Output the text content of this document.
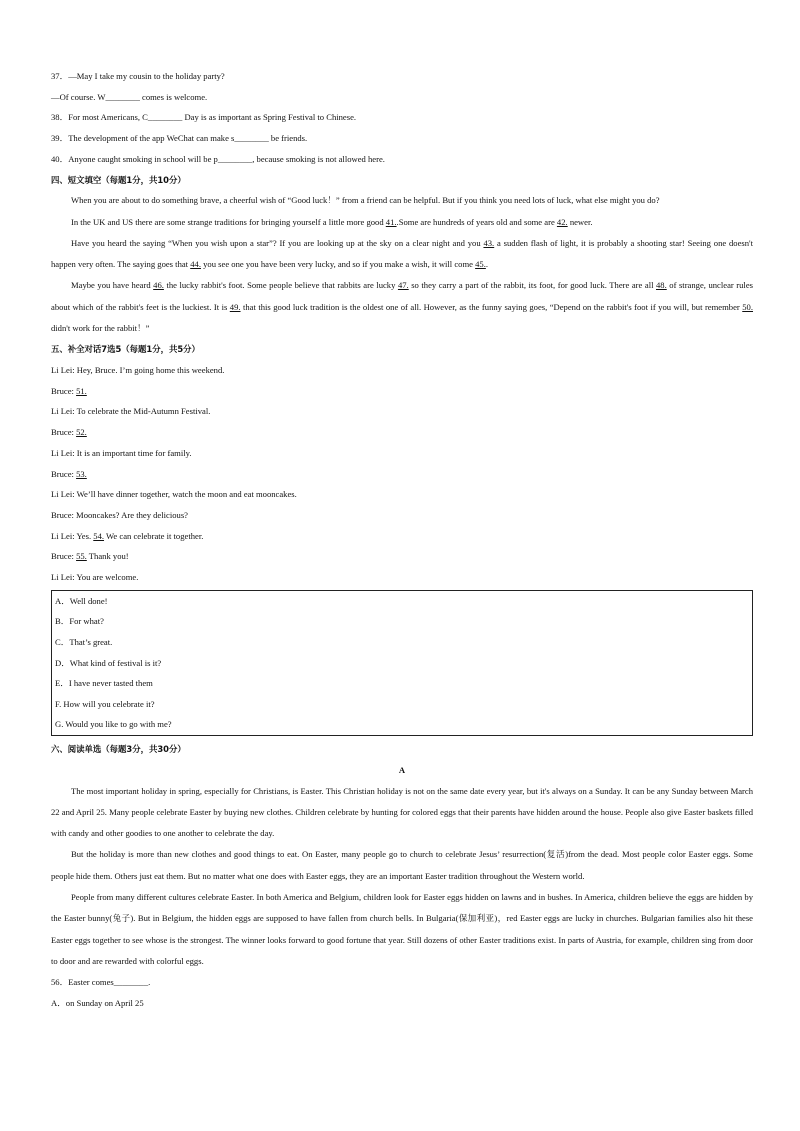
37．—May I take my cousin to the holiday party?
—Of course. W________ comes is welcome.
38．For most Americans, C________ Day is as important as Spring Festival to Chinese.
39．The development of the app WeChat can make s________ be friends.
40．Anyone caught smoking in school will be p________, because smoking is not allowed here.
四、短文填空（每题1分，共10分）
When you are about to do something brave, a cheerful wish of “Good luck！” from a friend can be helpful. But if you think you need lots of luck, what else might you do?
In the UK and US there are some strange traditions for bringing yourself a little more good 41..Some are hundreds of years old and some are 42. newer.
Have you heard the saying “When you wish upon a star”? If you are looking up at the sky on a clear night and you 43. a sudden flash of light, it is probably a shooting star! Seeing one doesn't happen very often. The saying goes that 44. you see one you have been very lucky, and so if you make a wish, it will come 45..
Maybe you have heard 46. the lucky rabbit's foot. Some people believe that rabbits are lucky 47. so they carry a part of the rabbit, its foot, for good luck. There are all 48. of strange, unclear rules about which of the rabbit's feet is the luckiest. It is 49. that this good luck tradition is the oldest one of all. However, as the funny saying goes, “Depend on the rabbit's foot if you will, but remember 50. didn't work for the rabbit！”
五、补全对话7选5（每题1分，共5分）
Li Lei: Hey, Bruce. I’m going home this weekend.
Bruce: 51.
Li Lei: To celebrate the Mid-Autumn Festival.
Bruce: 52.
Li Lei: It is an important time for family.
Bruce: 53.
Li Lei: We’ll have dinner together, watch the moon and eat mooncakes.
Bruce: Mooncakes? Are they delicious?
Li Lei: Yes. 54. We can celebrate it together.
Bruce: 55. Thank you!
Li Lei: You are welcome.
A．Well done!
B．For what?
C．That’s great.
D．What kind of festival is it?
E．I have never tasted them
F. How will you celebrate it?
G. Would you like to go with me?
六、阅读单选（每题3分，共30分）
A
The most important holiday in spring, especially for Christians, is Easter. This Christian holiday is not on the same date every year, but it's always on a Sunday. It can be any Sunday between March 22 and April 25. Many people celebrate Easter by buying new clothes. Children celebrate by hunting for colored eggs that their parents have hidden around the house. People also give Easter baskets filled with candy and other goodies to one another to celebrate the day.
But the holiday is more than new clothes and good things to eat. On Easter, many people go to church to celebrate Jesus’ resurrection(复活)from the dead. Most people color Easter eggs. Some people hide them. Others just eat them. But no matter what one does with Easter eggs, they are an important Easter tradition throughout the Western world.
People from many different cultures celebrate Easter. In both America and Belgium, children look for Easter eggs hidden on lawns and in bushes. In America, children believe the eggs are hidden by the Easter bunny(兔子). But in Belgium, the hidden eggs are supposed to have fallen from church bells. In Bulgaria(保加利亚)，red Easter eggs are lucky in churches. Bulgarian families also hit these Easter eggs together to see whose is the strongest. The winner looks forward to good fortune that year. Still dozens of other Easter traditions exist. In parts of Austria, for example, children sing from door to door and are rewarded with colorful eggs.
56．Easter comes________.
A．on Sunday on April 25
